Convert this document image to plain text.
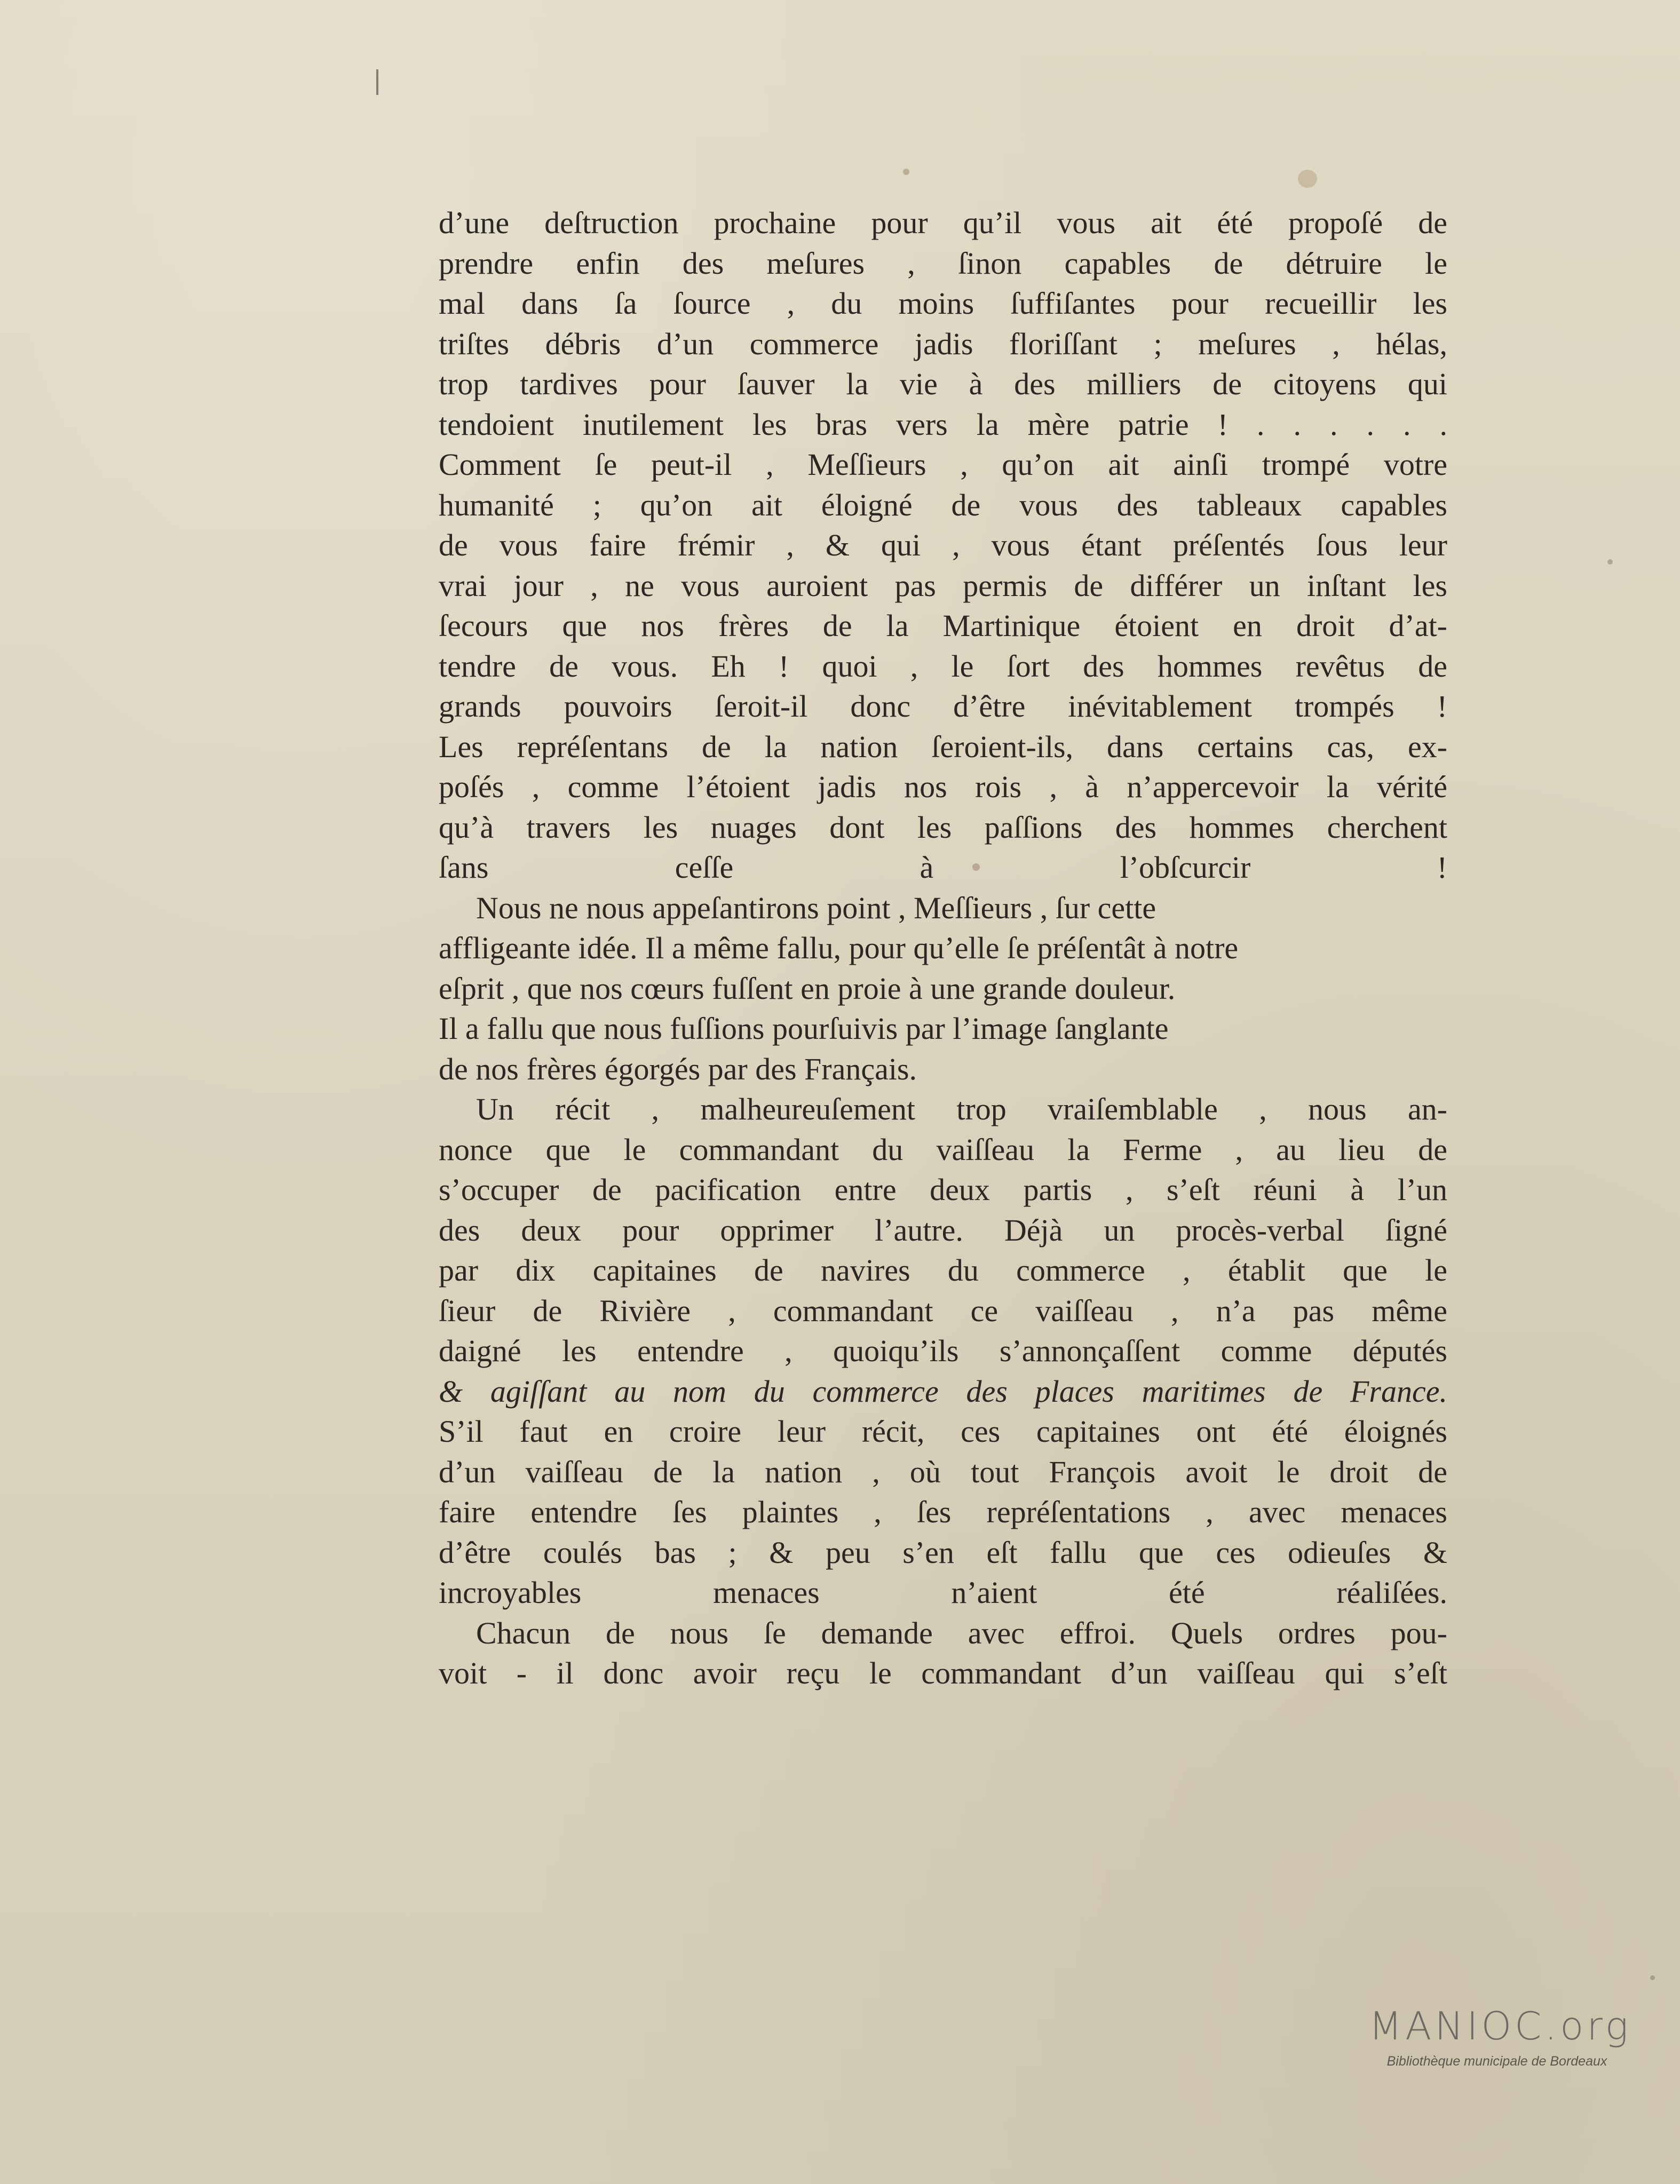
d’une deſtruction prochaine pour qu’il vous ait été propoſé de
prendre enfin des meſures , ſinon capables de détruire le
mal dans ſa ſource , du moins ſuffiſantes pour recueillir les
triſtes débris d’un commerce jadis floriſſant ; meſures , hélas,
trop tardives pour ſauver la vie à des milliers de citoyens qui
tendoient inutilement les bras vers la mère patrie ! . . . . . .
Comment ſe peut-il , Meſſieurs , qu’on ait ainſi trompé votre
humanité ; qu’on ait éloigné de vous des tableaux capables
de vous faire frémir , & qui , vous étant préſentés ſous leur
vrai jour , ne vous auroient pas permis de différer un inſtant les
ſecours que nos frères de la Martinique étoient en droit d’at-
tendre de vous. Eh ! quoi , le ſort des hommes revêtus de
grands pouvoirs ſeroit-il donc d’être inévitablement trompés !
Les repréſentans de la nation ſeroient-ils, dans certains cas, ex-
poſés , comme l’étoient jadis nos rois , à n’appercevoir la vérité
qu’à travers les nuages dont les paſſions des hommes cherchent
ſans ceſſe à l’obſcurcir !

Nous ne nous appeſantirons point , Meſſieurs , ſur cette
affligeante idée. Il a même fallu, pour qu’elle ſe préſentât à notre
eſprit , que nos cœurs fuſſent en proie à une grande douleur.
Il a fallu que nous fuſſions pourſuivis par l’image ſanglante
de nos frères égorgés par des Français.

Un récit , malheureuſement trop vraiſemblable , nous an-
nonce que le commandant du vaiſſeau la Ferme , au lieu de
s’occuper de pacification entre deux partis , s’eſt réuni à l’un
des deux pour opprimer l’autre. Déjà un procès-verbal ſigné
par dix capitaines de navires du commerce , établit que le
ſieur de Rivière , commandant ce vaiſſeau , n’a pas même
daigné les entendre , quoiqu’ils s’annonçaſſent comme députés
& agiſſant au nom du commerce des places maritimes de France.
S’il faut en croire leur récit, ces capitaines ont été éloignés
d’un vaiſſeau de la nation , où tout François avoit le droit de
faire entendre ſes plaintes , ſes repréſentations , avec menaces
d’être coulés bas ; & peu s’en eſt fallu que ces odieuſes &
incroyables menaces n’aient été réaliſées.

Chacun de nous ſe demande avec effroi. Quels ordres pou-
voit - il donc avoir reçu le commandant d’un vaiſſeau qui s’eſt

MANIOC.org
Bibliothèque municipale de Bordeaux
